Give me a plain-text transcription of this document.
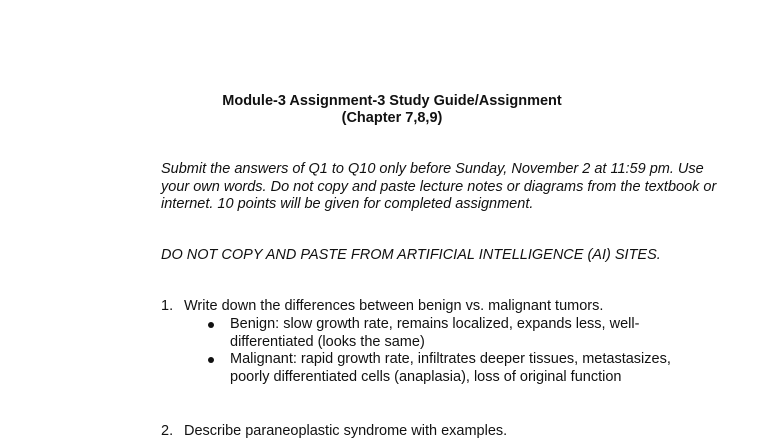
Module-3 Assignment-3 Study Guide/Assignment
(Chapter 7,8,9)

Submit the answers of Q1 to Q10 only before Sunday, November 2 at 11:59 pm. Use your own words. Do not copy and paste lecture notes or diagrams from the textbook or internet. 10 points will be given for completed assignment.

DO NOT COPY AND PASTE FROM ARTIFICIAL INTELLIGENCE (AI) SITES.

1. Write down the differences between benign vs. malignant tumors.
Benign: slow growth rate, remains localized, expands less, well-differentiated (looks the same)
Malignant: rapid growth rate, infiltrates deeper tissues, metastasizes, poorly differentiated cells (anaplasia), loss of original function
2. Describe paraneoplastic syndrome with examples.
